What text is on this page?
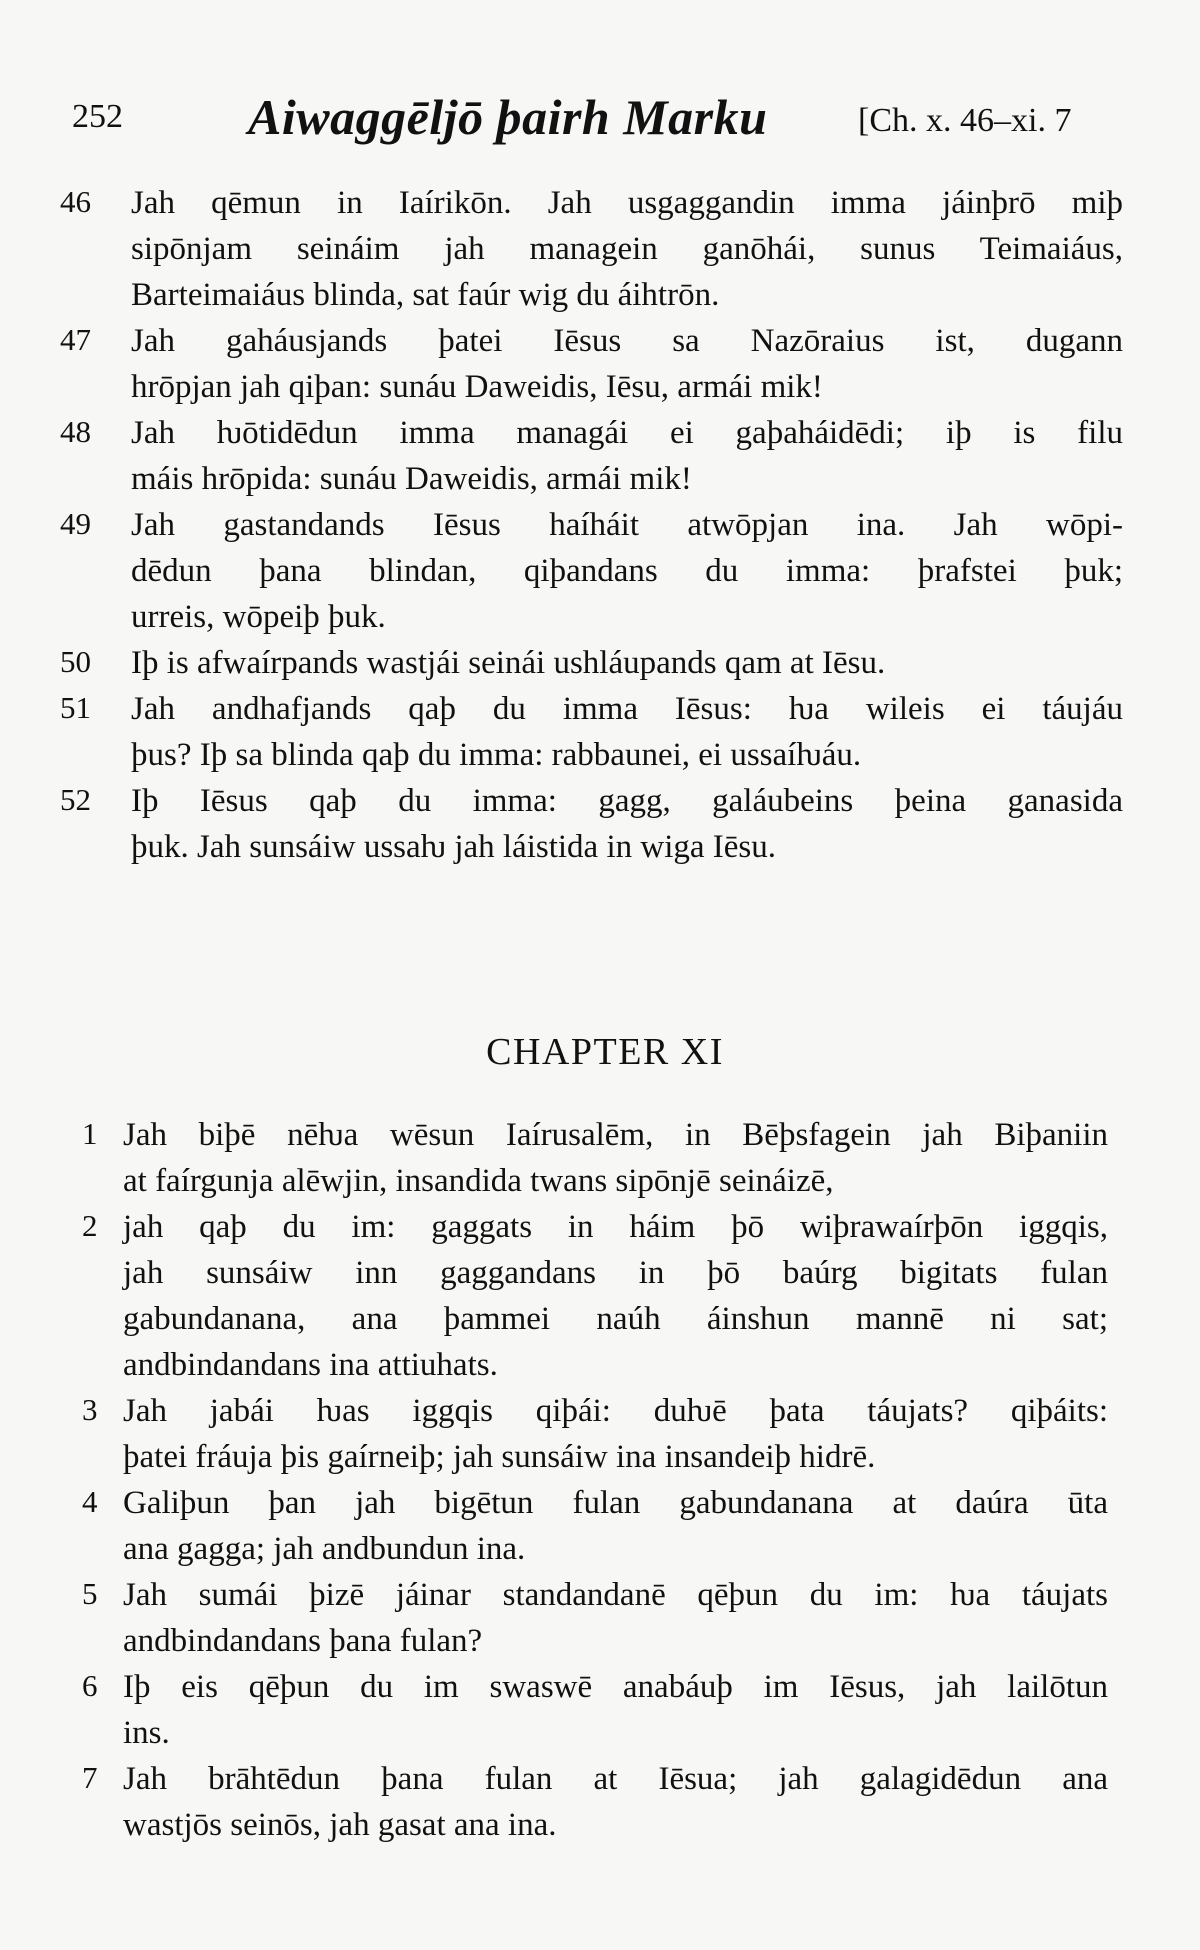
252	Aiwaggēljō þairh Marku	[Ch. x. 46–xi. 7
46 Jah qēmun in Iaírikōn. Jah usgaggandin imma jáinþrō miþ
sipōnjam seináim jah managein ganōhái, sunus Teimaiáus,
Barteimaiáus blinda, sat faúr wig du áihtrōn.
47 Jah gaháusjands þatei Iēsus sa Nazōraius ist, dugann
hrōpjan jah qiþan: sunáu Daweidis, Iēsu, armái mik!
48 Jah ƕōtidēdun imma managái ei gaþaháidēdi; iþ is filu
máis hrōpida: sunáu Daweidis, armái mik!
49 Jah gastandands Iēsus haíháit atwōpjan ina. Jah wōpi-
dēdun þana blindan, qiþandans du imma: þrafstei þuk;
urreis, wōpeiþ þuk.
50 Iþ is afwaírpands wastjái seinái ushláupands qam at Iēsu.
51 Jah andhafjands qaþ du imma Iēsus: ƕa wileis ei táujáu
þus? Iþ sa blinda qaþ du imma: rabbaunei, ei ussaíƕáu.
52 Iþ Iēsus qaþ du imma: gagg, galáubeins þeina ganasida
þuk. Jah sunsáiw ussaƕ jah láistida in wiga Iēsu.
CHAPTER XI
1 Jah biþē nēƕa wēsun Iaírusalēm, in Bēþsfagein jah Biþaniin
at faírgunja alēwjin, insandida twans sipōnjē seináizē,
2 jah qaþ du im: gaggats in háim þō wiþrawaírþōn iggqis,
jah sunsáiw inn gaggandans in þō baúrg bigitats fulan
gabundanana, ana þammei naúh áinshun mannē ni sat;
andbindandans ina attiuhats.
3 Jah jabái ƕas iggqis qiþái: duƕē þata táujats? qiþáits:
þatei fráuja þis gaírneiþ; jah sunsáiw ina insandeiþ hidrē.
4 Galiþun þan jah bigētun fulan gabundanana at daúra ūta
ana gagga; jah andbundun ina.
5 Jah sumái þizē jáinar standandanē qēþun du im: ƕa táujats
andbindandans þana fulan?
6 Iþ eis qēþun du im swaswē anabáuþ im Iēsus, jah lailōtun
ins.
7 Jah brāhtēdun þana fulan at Iēsua; jah galagidēdun ana
wastjōs seinōs, jah gasat ana ina.
